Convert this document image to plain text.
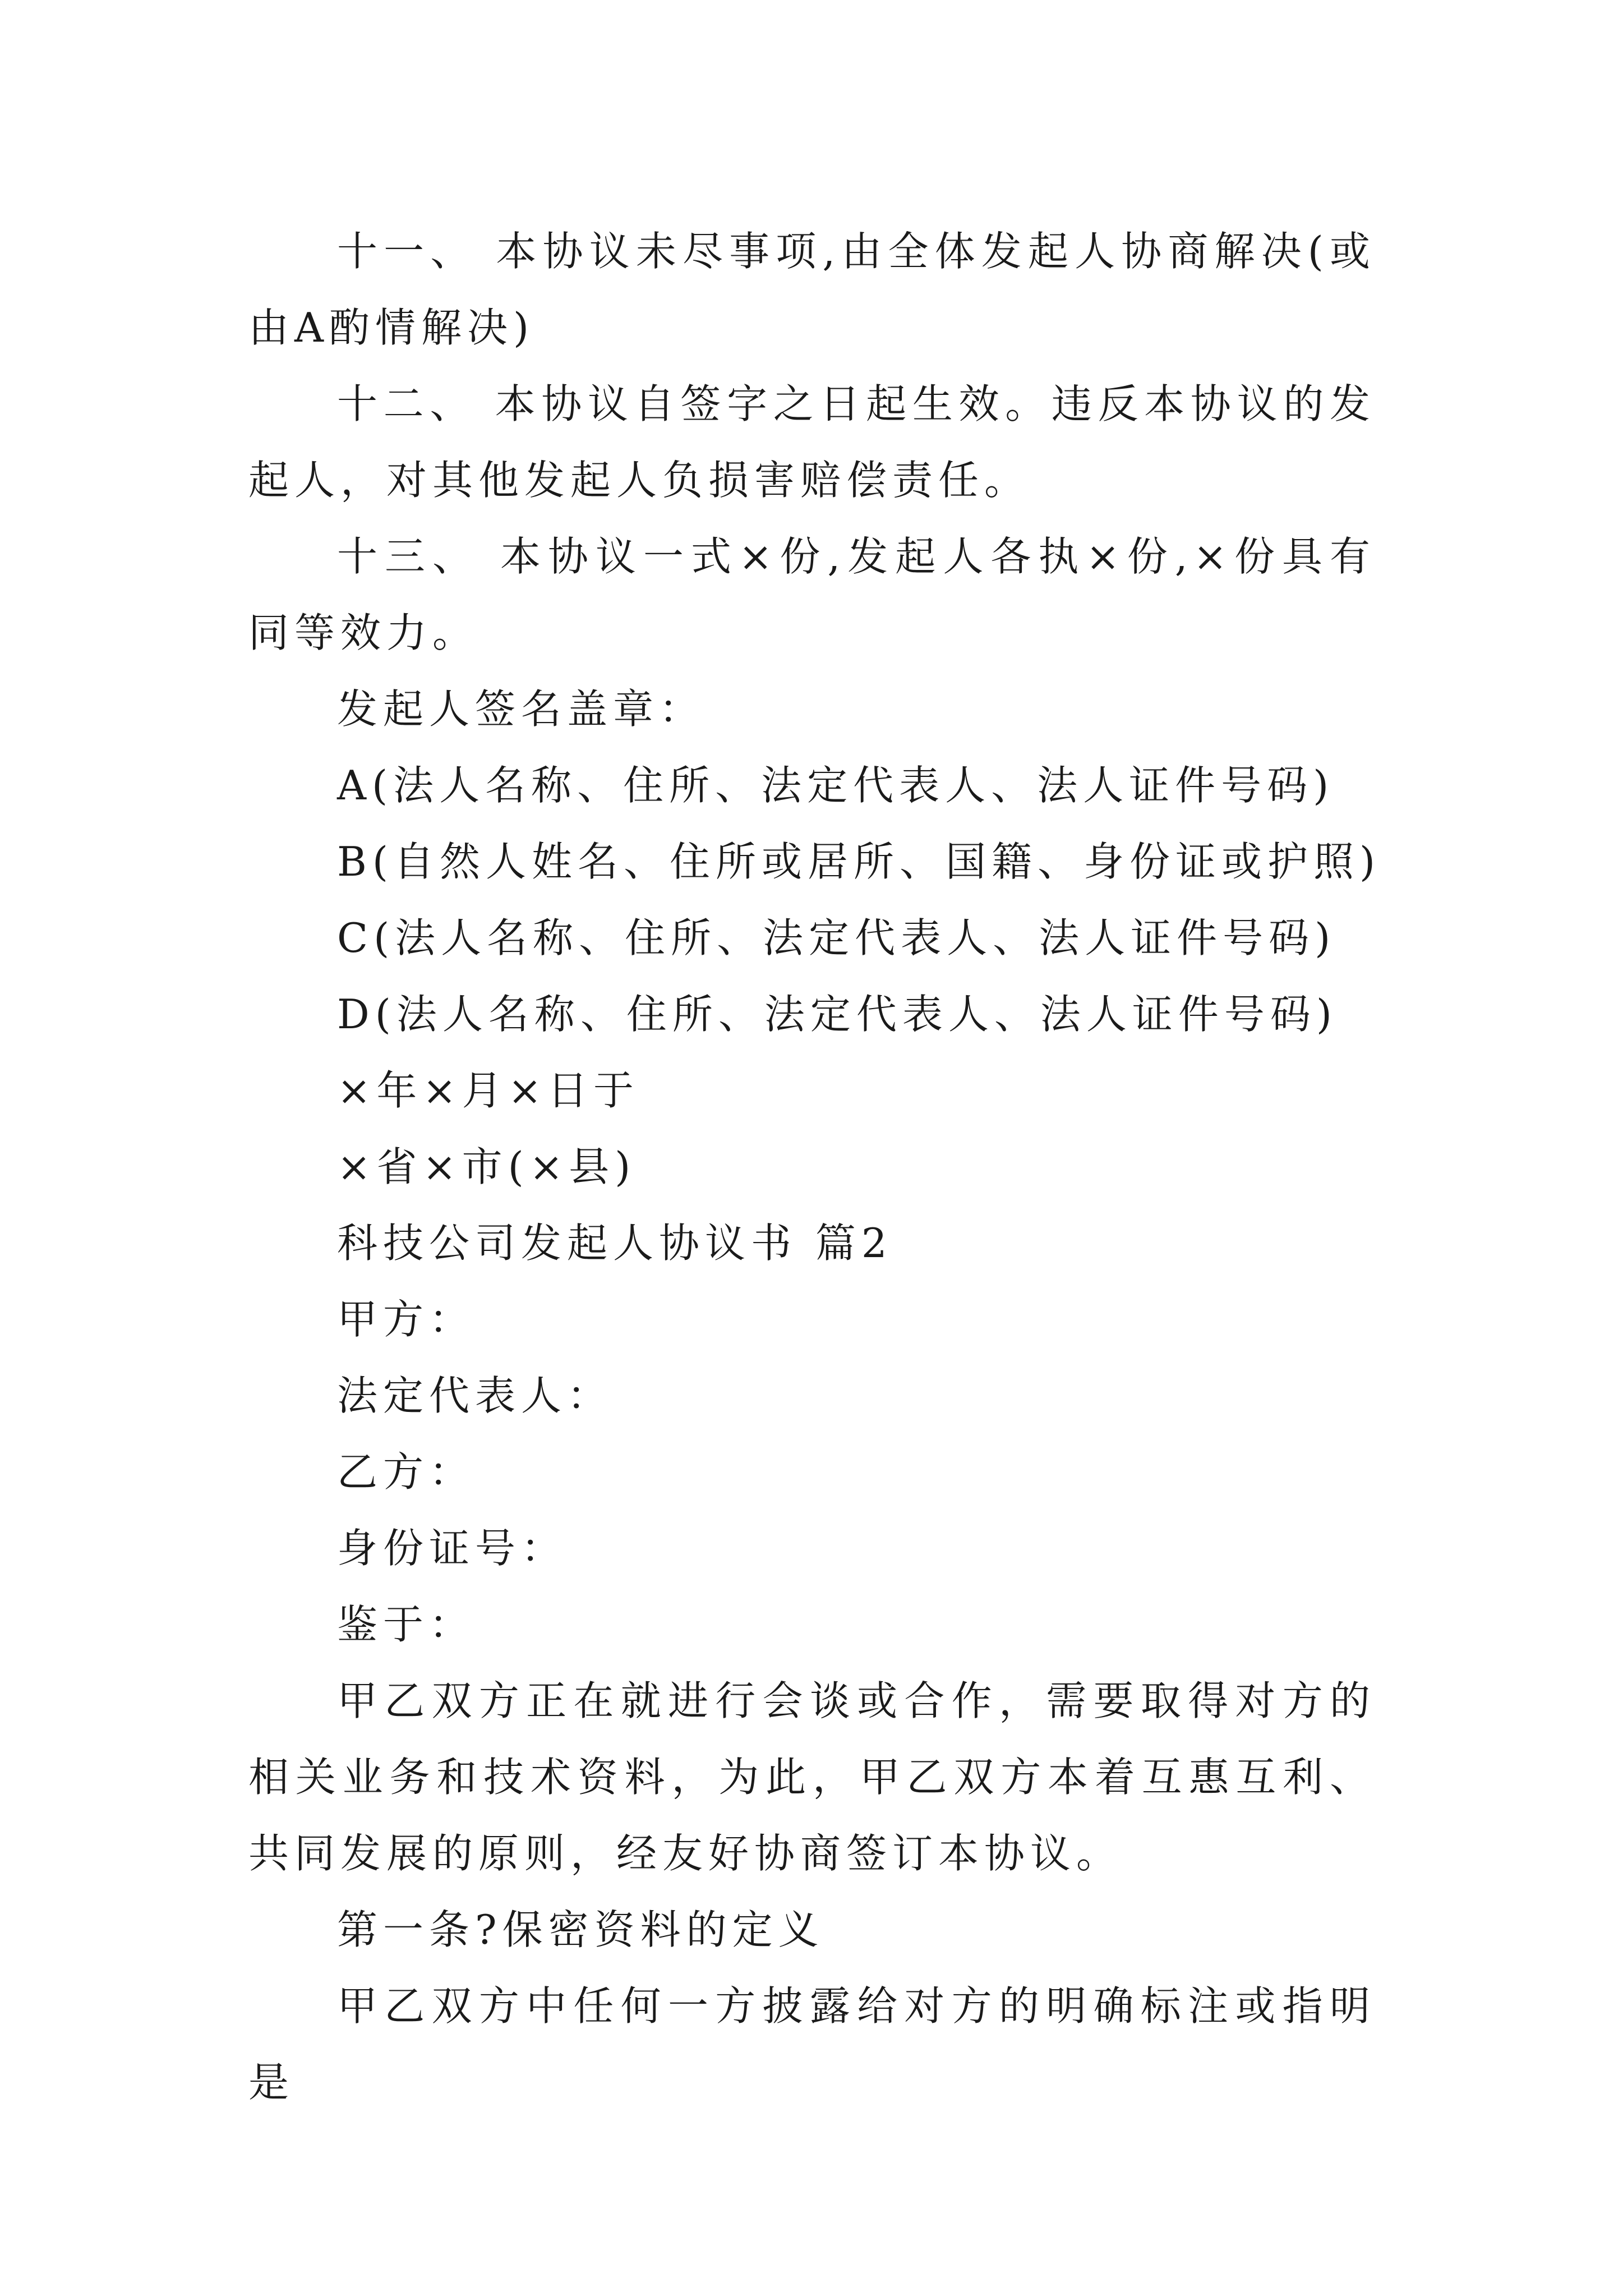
十一、 本协议未尽事项,由全体发起人协商解决(或由A酌情解决)

十二、 本协议自签字之日起生效。违反本协议的发起人，对其他发起人负损害赔偿责任。

十三、 本协议一式×份,发起人各执×份,×份具有同等效力。

发起人签名盖章：
A(法人名称、住所、法定代表人、法人证件号码)
B(自然人姓名、住所或居所、国籍、身份证或护照)
C(法人名称、住所、法定代表人、法人证件号码)
D(法人名称、住所、法定代表人、法人证件号码)
×年×月×日于
×省×市(×县)
科技公司发起人协议书 篇2
甲方：
法定代表人：
乙方：
身份证号：
鉴于：

甲乙双方正在就进行会谈或合作，需要取得对方的相关业务和技术资料，为此，甲乙双方本着互惠互利、共同发展的原则，经友好协商签订本协议。

第一条?保密资料的定义

甲乙双方中任何一方披露给对方的明确标注或指明是
